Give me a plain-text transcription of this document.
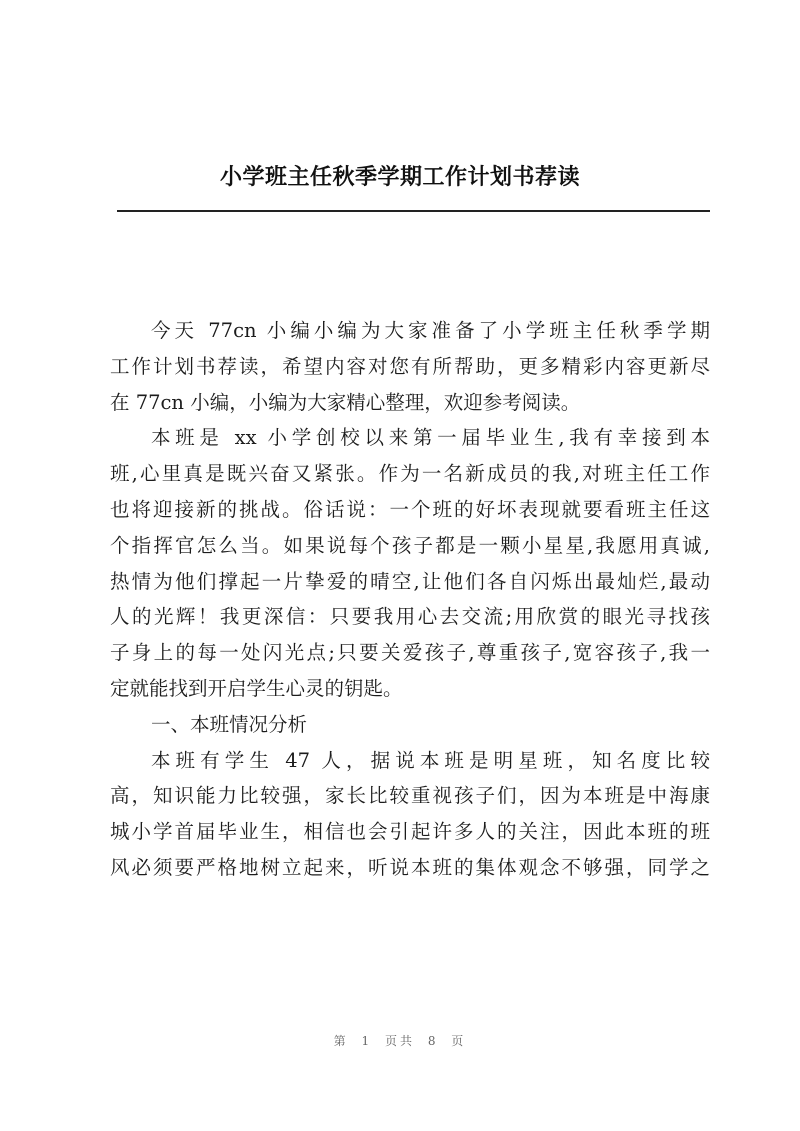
小学班主任秋季学期工作计划书荐读
今天 77cn 小编小编为大家准备了小学班主任秋季学期
工作计划书荐读，希望内容对您有所帮助，更多精彩内容更新尽
在 77cn 小编，小编为大家精心整理，欢迎参考阅读。
本班是 xx 小学创校以来第一届毕业生,我有幸接到本
班,心里真是既兴奋又紧张。作为一名新成员的我,对班主任工作
也将迎接新的挑战。俗话说：一个班的好坏表现就要看班主任这
个指挥官怎么当。如果说每个孩子都是一颗小星星,我愿用真诚,
热情为他们撑起一片挚爱的晴空,让他们各自闪烁出最灿烂,最动
人的光辉！我更深信：只要我用心去交流;用欣赏的眼光寻找孩
子身上的每一处闪光点;只要关爱孩子,尊重孩子,宽容孩子,我一
定就能找到开启学生心灵的钥匙。
一、本班情况分析
本班有学生 47 人，据说本班是明星班，知名度比较
高，知识能力比较强，家长比较重视孩子们，因为本班是中海康
城小学首届毕业生，相信也会引起许多人的关注，因此本班的班
风必须要严格地树立起来，听说本班的集体观念不够强，同学之
第 1 页共 8 页
